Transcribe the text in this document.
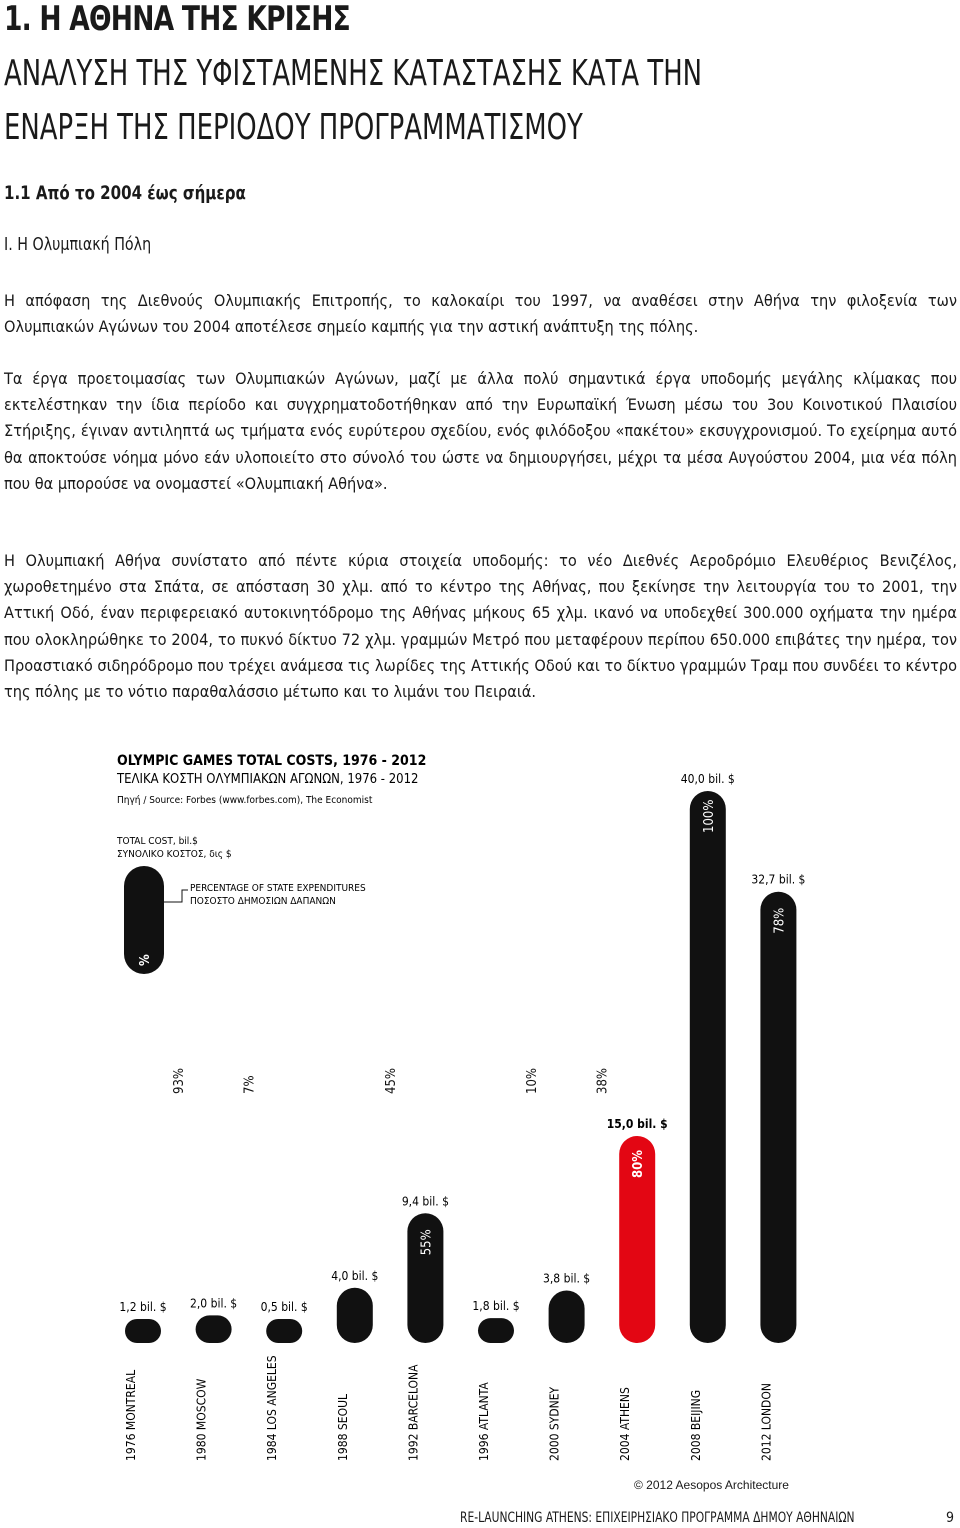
1. Η ΑΘΗΝΑ ΤΗΣ ΚΡΙΣΗΣ
ΑΝΑΛΥΣΗ ΤΗΣ ΥΦΙΣΤΑΜΕΝΗΣ ΚΑΤΑΣΤΑΣΗΣ ΚΑΤΑ ΤΗΝ
ΕΝΑΡΞΗ ΤΗΣ ΠΕΡΙΟΔΟΥ ΠΡΟΓΡΑΜΜΑΤΙΣΜΟΥ
1.1 Από το 2004 έως σήμερα
Ι. Η Ολυμπιακή Πόλη
Η απόφαση της Διεθνούς Ολυμπιακής Επιτροπής, το καλοκαίρι του 1997, να αναθέσει στην Αθήνα την φιλοξενία των Ολυμπιακών Αγώνων του 2004 αποτέλεσε σημείο καμπής για την αστική ανάπτυξη της πόλης.
Τα έργα προετοιμασίας των Ολυμπιακών Αγώνων, μαζί με άλλα πολύ σημαντικά έργα υποδομής μεγάλης κλίμακας που εκτελέστηκαν την ίδια περίοδο και συγχρηματοδοτήθηκαν από την Ευρωπαϊκή Ένωση μέσω του 3ου Κοινοτικού Πλαισίου Στήριξης, έγιναν αντιληπτά ως τμήματα ενός ευρύτερου σχεδίου, ενός φιλόδοξου «πακέτου» εκσυγχρονισμού. Το εχείρημα αυτό θα αποκτούσε νόημα μόνο εάν υλοποιείτο στο σύνολό του ώστε να δημιουργήσει, μέχρι τα μέσα Αυγούστου 2004, μια νέα πόλη που θα μπορούσε να ονομαστεί «Ολυμπιακή Αθήνα».
Η Ολυμπιακή Αθήνα συνίστατο από πέντε κύρια στοιχεία υποδομής: το νέο Διεθνές Αεροδρόμιο Ελευθέριος Βενιζέλος, χωροθετημένο στα Σπάτα, σε απόσταση 30 χλμ. από το κέντρο της Αθήνας, που ξεκίνησε την λειτουργία του το 2001, την Αττική Οδό, έναν περιφερειακό αυτοκινητόδρομο της Αθήνας μήκους 65 χλμ. ικανό να υποδεχθεί 300.000 οχήματα την ημέρα που ολοκληρώθηκε το 2004, το πυκνό δίκτυο 72 χλμ. γραμμών Μετρό που μεταφέρουν περίπου 650.000 επιβάτες την ημέρα, τον Προαστιακό σιδηρόδρομο που τρέχει ανάμεσα τις λωρίδες της Αττικής Οδού και το δίκτυο γραμμών Τραμ που συνδέει το κέντρο της πόλης με το νότιο παραθαλάσσιο μέτωπο και το λιμάνι του Πειραιά.
OLYMPIC GAMES TOTAL COSTS, 1976 - 2012
ΤΕΛΙΚΑ ΚΟΣΤΗ ΟΛΥΜΠΙΑΚΩΝ ΑΓΩΝΩΝ, 1976 - 2012
Πηγή / Source: Forbes (www.forbes.com), The Economist
TOTAL COST, bil.$
ΣΥΝΟΛΙΚΟ ΚΟΣΤΟΣ, δις $
PERCENTAGE OF STATE EXPENDITURES
ΠΟΣΟΣΤΟ ΔΗΜΟΣΙΩΝ ΔΑΠΑΝΩΝ
%
1,2 bil. $
93%
1976 MONTREAL
2,0 bil. $
7%
1980 MOSCOW
0,5 bil. $
1984 LOS ANGELES
4,0 bil. $
45%
1988 SEOUL
9,4 bil. $
55%
1992 BARCELONA
1,8 bil. $
10%
1996 ATLANTA
3,8 bil. $
38%
2000 SYDNEY
15,0 bil. $
80%
2004 ATHENS
40,0 bil. $
100%
2008 BEIJING
32,7 bil. $
78%
2012 LONDON
© 2012 Aesopos Architecture
RE-LAUNCHING ATHENS: ΕΠΙΧΕΙΡΗΣΙΑΚΟ ΠΡΟΓΡΑΜΜΑ ΔΗΜΟΥ ΑΘΗΝΑΙΩΝ	9
